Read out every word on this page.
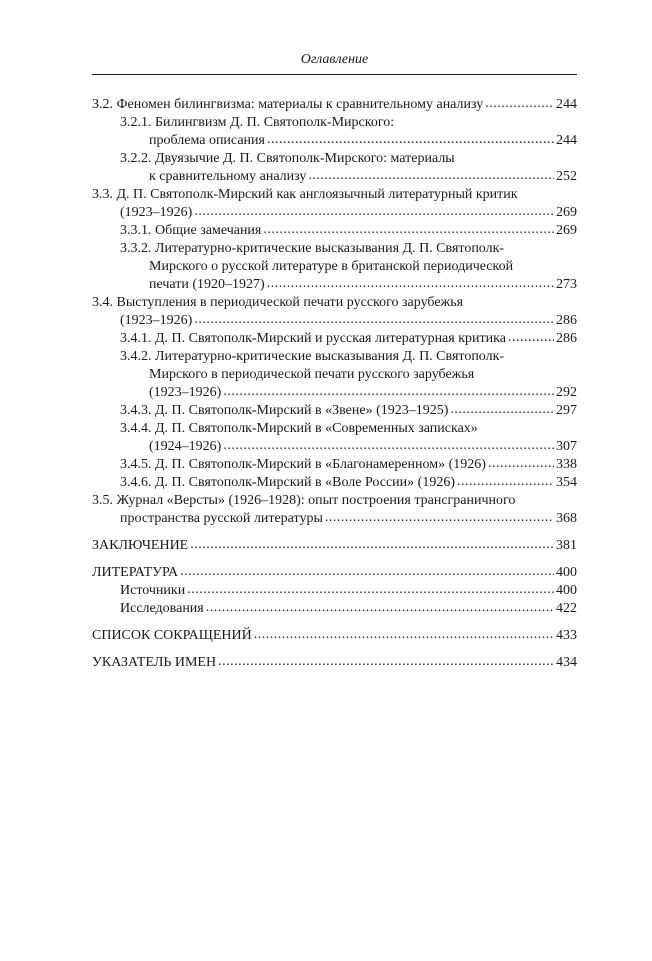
Оглавление
3.2. Феномен билингвизма: материалы к сравнительному анализу .....	244
3.2.1. Билингвизм Д. П. Святополк-Мирского:
проблема описания .....	244
3.2.2. Двуязычие Д. П. Святополк-Мирского: материалы
к сравнительному анализу .....	252
3.3. Д. П. Святополк-Мирский как англоязычный литературный критик
(1923–1926) .....	269
3.3.1. Общие замечания .....	269
3.3.2. Литературно-критические высказывания Д. П. Святополк-
Мирского о русской литературе в британской периодической
печати (1920–1927) .....	273
3.4. Выступления в периодической печати русского зарубежья
(1923–1926) .....	286
3.4.1. Д. П. Святополк-Мирский и русская литературная критика .....	286
3.4.2. Литературно-критические высказывания Д. П. Святополк-
Мирского в периодической печати русского зарубежья
(1923–1926) .....	292
3.4.3. Д. П. Святополк-Мирский в «Звене» (1923–1925) .....	297
3.4.4. Д. П. Святополк-Мирский в «Современных записках»
(1924–1926) .....	307
3.4.5. Д. П. Святополк-Мирский в «Благонамеренном» (1926) .....	338
3.4.6. Д. П. Святополк-Мирский в «Воле России» (1926) .....	354
3.5. Журнал «Версты» (1926–1928): опыт построения трансграничного
пространства русской литературы .....	368
ЗАКЛЮЧЕНИЕ .....	381
ЛИТЕРАТУРА .....	400
Источники .....	400
Исследования .....	422
СПИСОК СОКРАЩЕНИЙ .....	433
УКАЗАТЕЛЬ ИМЕН .....	434
